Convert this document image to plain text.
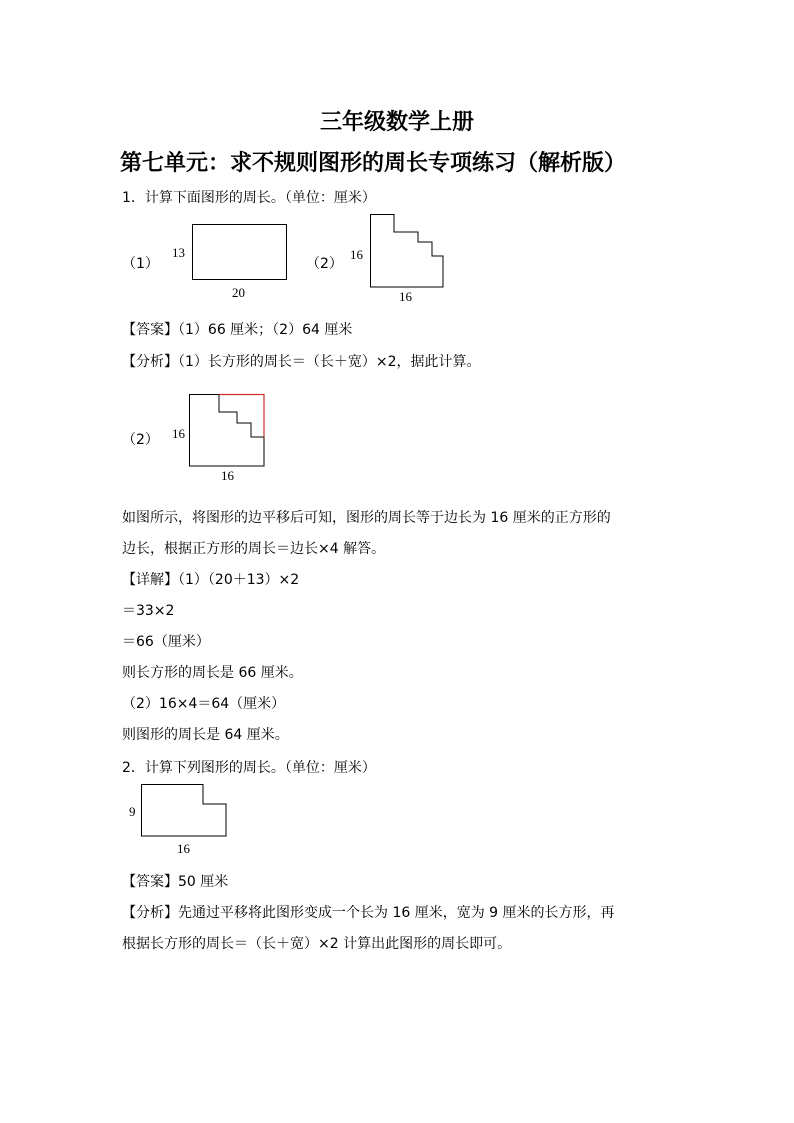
三年级数学上册
第七单元：求不规则图形的周长专项练习（解析版）
1．计算下面图形的周长。（单位：厘米）
（1）
13
20
（2）
16
16
【答案】（1）66 厘米；（2）64 厘米
【分析】（1）长方形的周长＝（长＋宽）×2，据此计算。
（2） 16
16
如图所示，将图形的边平移后可知，图形的周长等于边长为 16 厘米的正方形的
边长，根据正方形的周长＝边长×4 解答。
【详解】（1）（20＋13）×2
＝33×2
＝66（厘米）
则长方形的周长是 66 厘米。
（2）16×4＝64（厘米）
则图形的周长是 64 厘米。
2．计算下列图形的周长。（单位：厘米）
9
16
【答案】50 厘米
【分析】先通过平移将此图形变成一个长为 16 厘米，宽为 9 厘米的长方形，再
根据长方形的周长＝（长＋宽）×2 计算出此图形的周长即可。
